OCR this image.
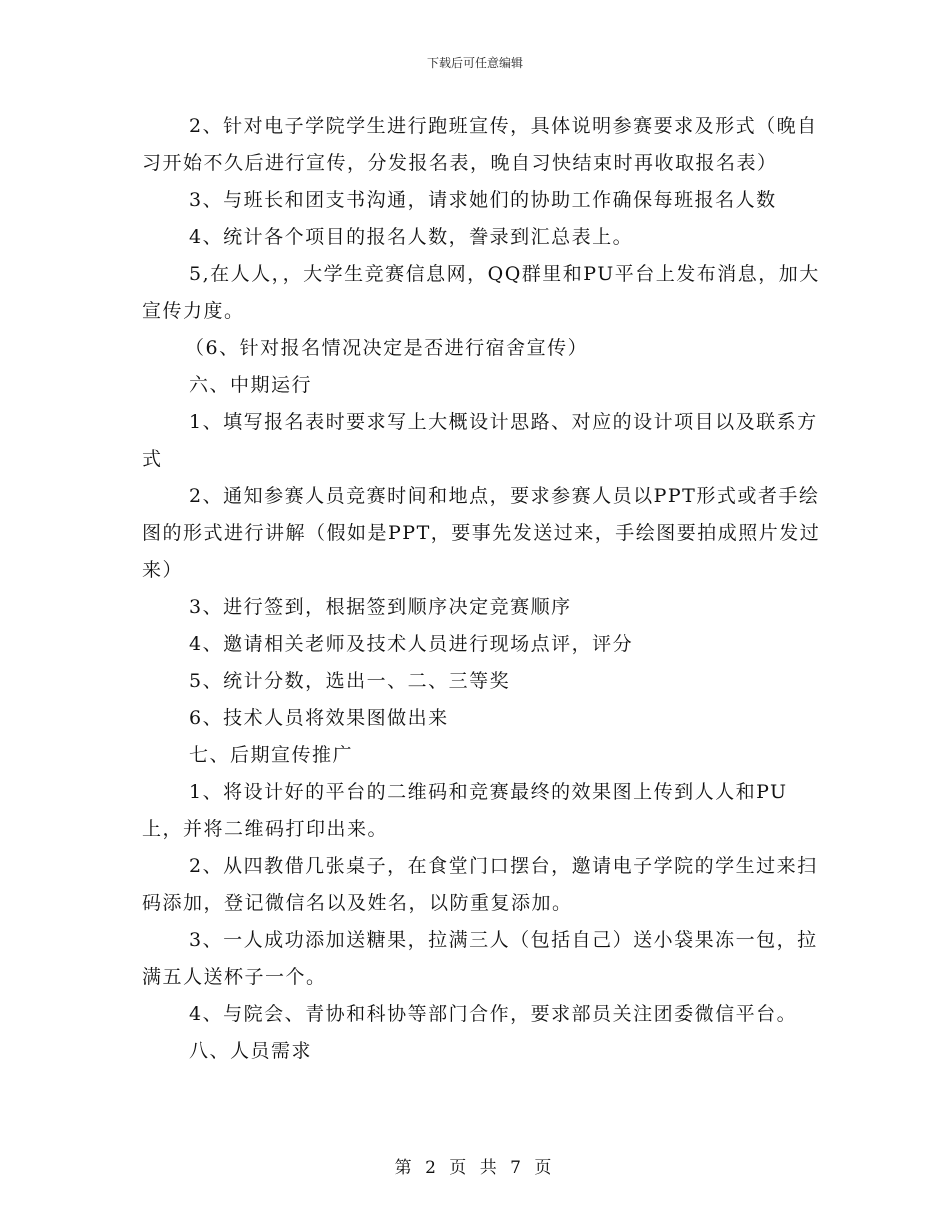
下载后可任意编辑

2、针对电子学院学生进行跑班宣传，具体说明参赛要求及形式（晚自习开始不久后进行宣传，分发报名表，晚自习快结束时再收取报名表）

3、与班长和团支书沟通，请求她们的协助工作确保每班报名人数

4、统计各个项目的报名人数，誊录到汇总表上。

5,在人人，，大学生竞赛信息网，QQ群里和PU平台上发布消息，加大宣传力度。

（6、针对报名情况决定是否进行宿舍宣传）

六、中期运行

1、填写报名表时要求写上大概设计思路、对应的设计项目以及联系方式

2、通知参赛人员竞赛时间和地点，要求参赛人员以PPT形式或者手绘图的形式进行讲解（假如是PPT，要事先发送过来，手绘图要拍成照片发过来）

3、进行签到，根据签到顺序决定竞赛顺序

4、邀请相关老师及技术人员进行现场点评，评分

5、统计分数，选出一、二、三等奖

6、技术人员将效果图做出来

七、后期宣传推广

1、将设计好的平台的二维码和竞赛最终的效果图上传到人人和PU上，并将二维码打印出来。

2、从四教借几张桌子，在食堂门口摆台，邀请电子学院的学生过来扫码添加，登记微信名以及姓名，以防重复添加。

3、一人成功添加送糖果，拉满三人（包括自己）送小袋果冻一包，拉满五人送杯子一个。

4、与院会、青协和科协等部门合作，要求部员关注团委微信平台。

八、人员需求

第 2 页 共 7 页
